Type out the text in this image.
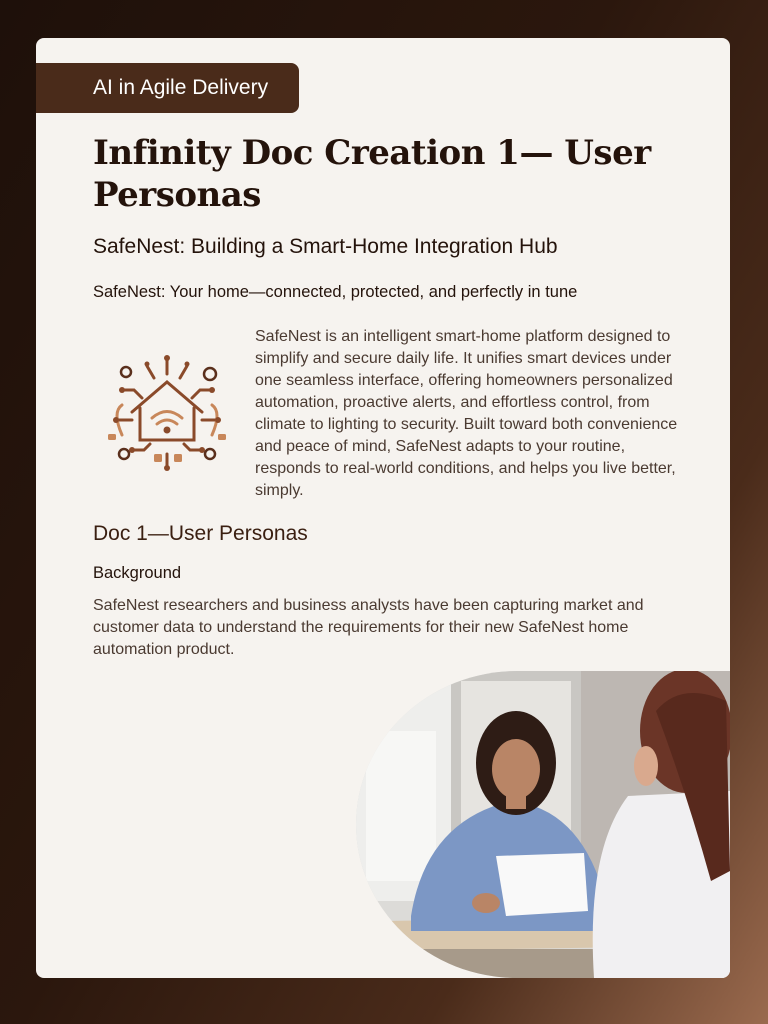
AI in Agile Delivery
Infinity Doc Creation 1— User Personas
SafeNest: Building a Smart-Home Integration Hub

SafeNest: Your home—connected, protected, and perfectly in tune

SafeNest is an intelligent smart-home platform designed to simplify and secure daily life. It unifies smart devices under one seamless interface, offering homeowners personalized automation, proactive alerts, and effortless control, from climate to lighting to security. Built toward both convenience and peace of mind, SafeNest adapts to your routine, responds to real-world conditions, and helps you live better, simply.

Doc 1—User Personas

Background

SafeNest researchers and business analysts have been capturing market and customer data to understand the requirements for their new SafeNest home automation product.
